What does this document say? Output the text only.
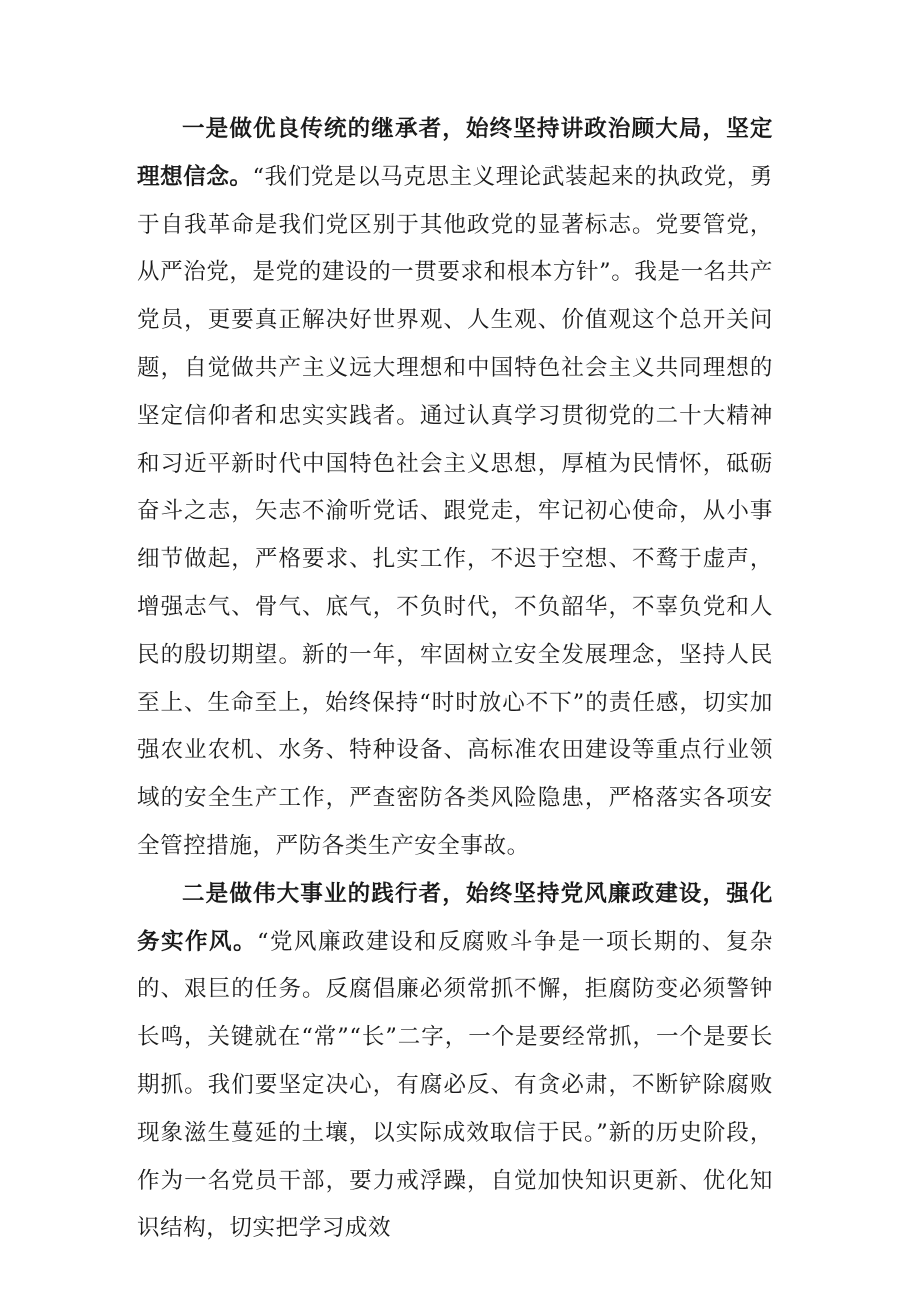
一是做优良传统的继承者，始终坚持讲政治顾大局，坚定理想信念。“我们党是以马克思主义理论武装起来的执政党，勇于自我革命是我们党区别于其他政党的显著标志。党要管党，从严治党，是党的建设的一贯要求和根本方针”。我是一名共产党员，更要真正解决好世界观、人生观、价值观这个总开关问题，自觉做共产主义远大理想和中国特色社会主义共同理想的坚定信仰者和忠实实践者。通过认真学习贯彻党的二十大精神和习近平新时代中国特色社会主义思想，厚植为民情怀，砥砺奋斗之志，矢志不渝听党话、跟党走，牢记初心使命，从小事细节做起，严格要求、扎实工作，不迟于空想、不鹜于虚声，增强志气、骨气、底气，不负时代，不负韶华，不辜负党和人民的殷切期望。新的一年，牢固树立安全发展理念，坚持人民至上、生命至上，始终保持“时时放心不下”的责任感，切实加强农业农机、水务、特种设备、高标准农田建设等重点行业领域的安全生产工作，严查密防各类风险隐患，严格落实各项安全管控措施，严防各类生产安全事故。

二是做伟大事业的践行者，始终坚持党风廉政建设，强化务实作风。“党风廉政建设和反腐败斗争是一项长期的、复杂的、艰巨的任务。反腐倡廉必须常抓不懈，拒腐防变必须警钟长鸣，关键就在“常”“长”二字，一个是要经常抓，一个是要长期抓。我们要坚定决心，有腐必反、有贪必肃，不断铲除腐败现象滋生蔓延的土壤，以实际成效取信于民。”新的历史阶段，作为一名党员干部，要力戒浮躁，自觉加快知识更新、优化知识结构，切实把学习成效
